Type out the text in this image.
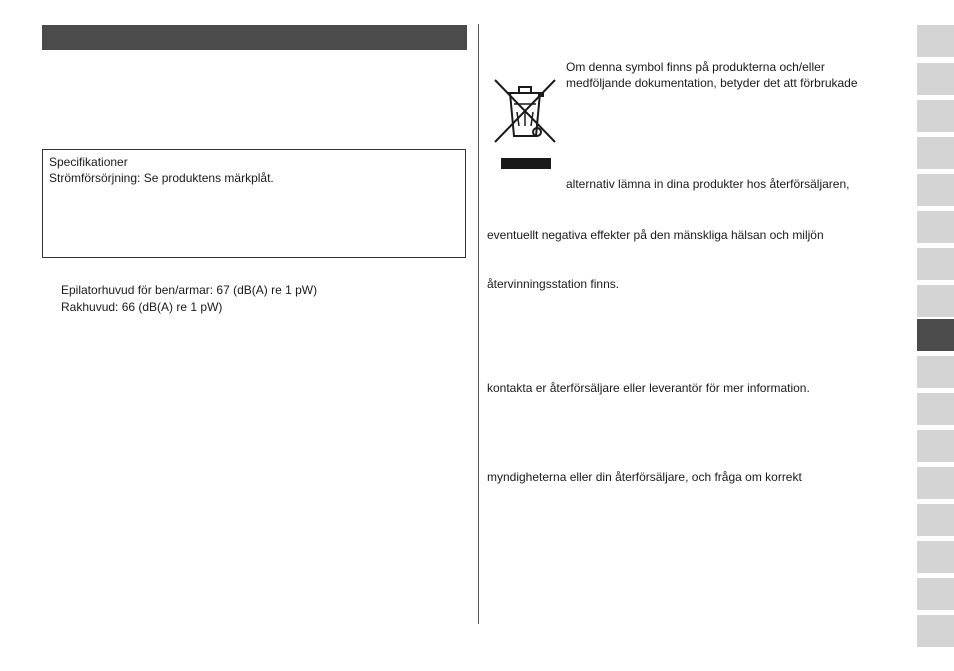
Specifikationer
Strömförsörjning: Se produktens märkplåt.
Epilatorhuvud för ben/armar: 67 (dB(A) re 1 pW)
Rakhuvud: 66 (dB(A) re 1 pW)
Om denna symbol finns på produkterna och/eller
medföljande dokumentation, betyder det att förbrukade
alternativ lämna in dina produkter hos återförsäljaren,
eventuellt negativa effekter på den mänskliga hälsan och miljön
återvinningsstation finns.
kontakta er återförsäljare eller leverantör för mer information.
myndigheterna eller din återförsäljare, och fråga om korrekt
